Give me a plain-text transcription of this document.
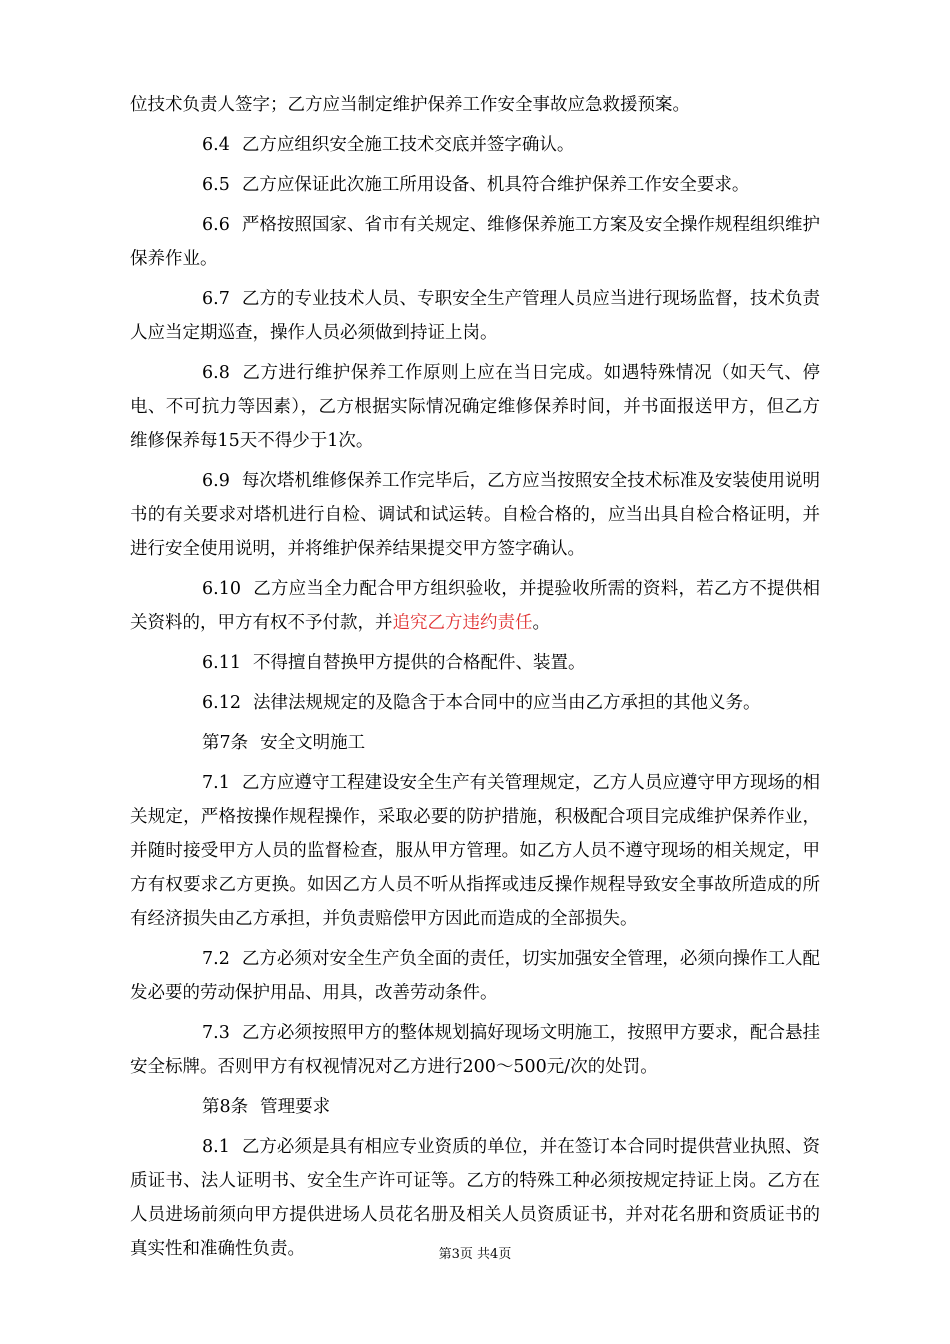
位技术负责人签字；乙方应当制定维护保养工作安全事故应急救援预案。

6.4 乙方应组织安全施工技术交底并签字确认。

6.5 乙方应保证此次施工所用设备、机具符合维护保养工作安全要求。

6.6 严格按照国家、省市有关规定、维修保养施工方案及安全操作规程组织维护保养作业。

6.7 乙方的专业技术人员、专职安全生产管理人员应当进行现场监督，技术负责人应当定期巡查，操作人员必须做到持证上岗。

6.8 乙方进行维护保养工作原则上应在当日完成。如遇特殊情况（如天气、停电、不可抗力等因素），乙方根据实际情况确定维修保养时间，并书面报送甲方，但乙方维修保养每15天不得少于1次。

6.9 每次塔机维修保养工作完毕后，乙方应当按照安全技术标准及安装使用说明书的有关要求对塔机进行自检、调试和试运转。自检合格的，应当出具自检合格证明，并进行安全使用说明，并将维护保养结果提交甲方签字确认。

6.10 乙方应当全力配合甲方组织验收，并提验收所需的资料，若乙方不提供相关资料的，甲方有权不予付款，并追究乙方违约责任。

6.11 不得擅自替换甲方提供的合格配件、装置。

6.12 法律法规规定的及隐含于本合同中的应当由乙方承担的其他义务。

第7条 安全文明施工

7.1 乙方应遵守工程建设安全生产有关管理规定，乙方人员应遵守甲方现场的相关规定，严格按操作规程操作，采取必要的防护措施，积极配合项目完成维护保养作业，并随时接受甲方人员的监督检查，服从甲方管理。如乙方人员不遵守现场的相关规定，甲方有权要求乙方更换。如因乙方人员不听从指挥或违反操作规程导致安全事故所造成的所有经济损失由乙方承担，并负责赔偿甲方因此而造成的全部损失。

7.2 乙方必须对安全生产负全面的责任，切实加强安全管理，必须向操作工人配发必要的劳动保护用品、用具，改善劳动条件。

7.3 乙方必须按照甲方的整体规划搞好现场文明施工，按照甲方要求，配合悬挂安全标牌。否则甲方有权视情况对乙方进行200～500元/次的处罚。

第8条 管理要求

8.1 乙方必须是具有相应专业资质的单位，并在签订本合同时提供营业执照、资质证书、法人证明书、安全生产许可证等。乙方的特殊工种必须按规定持证上岗。乙方在人员进场前须向甲方提供进场人员花名册及相关人员资质证书，并对花名册和资质证书的真实性和准确性负责。	第3页 共4页
